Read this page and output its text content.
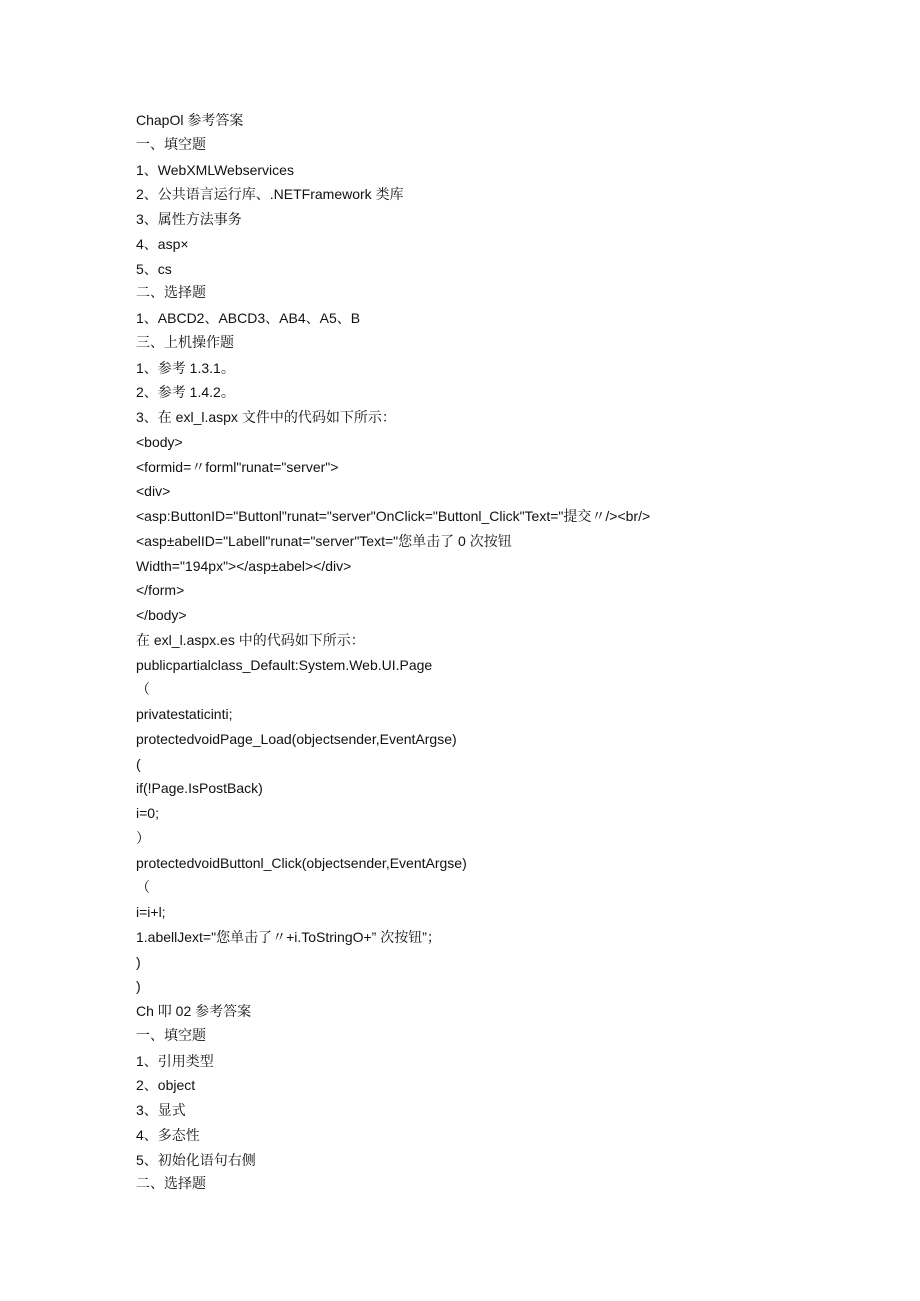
ChapOl 参考答案
一、填空题
1、WebXMLWebservices
2、公共语言运行库、.NETFramework 类库
3、属性方法事务
4、asp×
5、cs
二、选择题
1、ABCD2、ABCD3、AB4、A5、B
三、上机操作题
1、参考 1.3.1。
2、参考 1.4.2。
3、在 exl_l.aspx 文件中的代码如下所示：
<body>
<formid=〃forml"runat="server">
<div>
<asp:ButtonID="Buttonl"runat="server"OnClick="Buttonl_Click"Text="提交〃/><br/>
<asp±abelID="Labell"runat="server"Text="您单击了 0 次按钮
Width="194px"></asp±abel></div>
</form>
</body>
在 exl_l.aspx.es 中的代码如下所示：
publicpartialclass_Default:System.Web.UI.Page
（
privatestaticinti;
protectedvoidPage_Load(objectsender,EventArgse)
(
if(!Page.IsPostBack)
i=0;
）
protectedvoidButtonl_Click(objectsender,EventArgse)
（
i=i+l;
1.abellJext="您单击了〃+i.ToStringO+” 次按钮”；
)
)
Ch 叩 02 参考答案
一、填空题
1、引用类型
2、object
3、显式
4、多态性
5、初始化语句右侧
二、选择题
